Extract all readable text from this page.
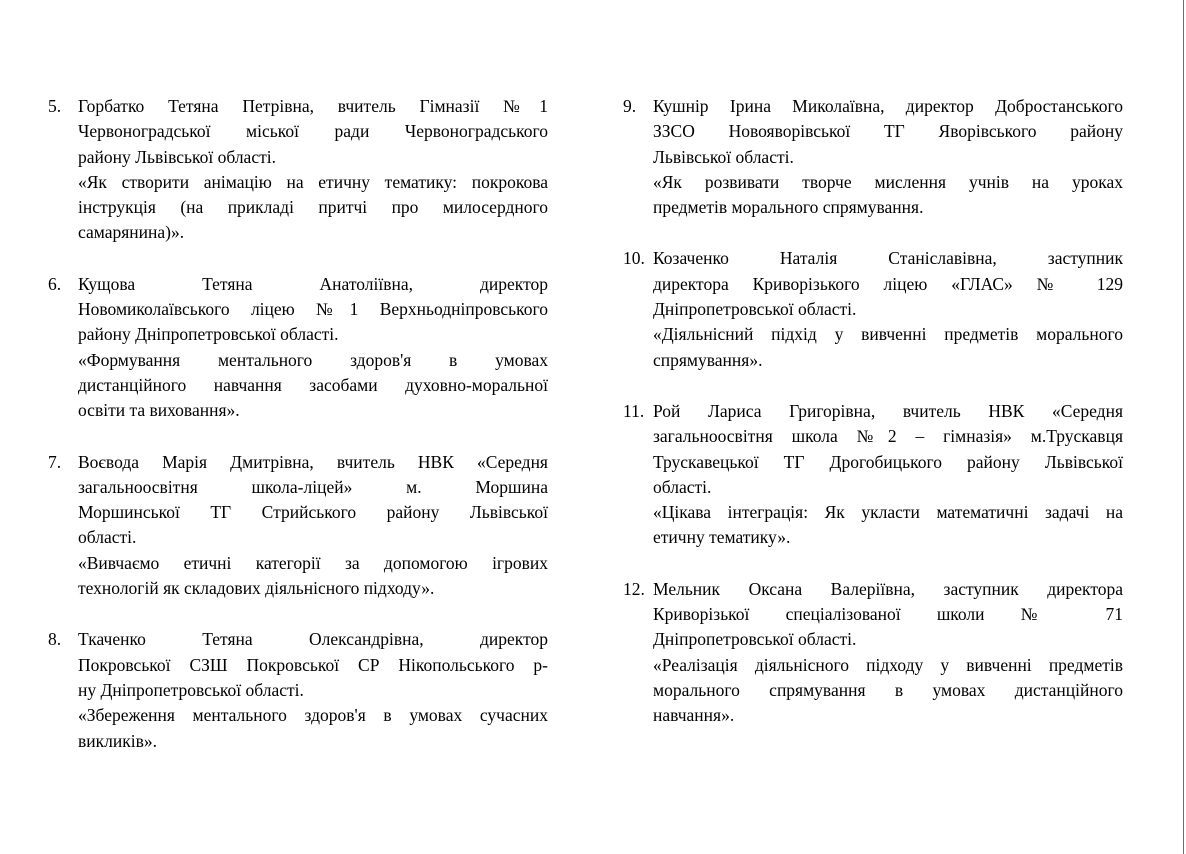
5. Горбатко Тетяна Петрівна, вчитель Гімназії №1
Червоноградської міської ради Червоноградського
району Львівської області.
«Як створити анімацію на етичну тематику: покрокова
інструкція (на прикладі притчі про милосердного
самарянина)».
6. Кущова Тетяна Анатоліївна, директор
Новомиколаївського ліцею №1 Верхньодніпровського
району Дніпропетровської області.
«Формування ментального здоров'я в умовах
дистанційного навчання засобами духовно-моральної
освіти та виховання».
7. Воєвода Марія Дмитрівна, вчитель НВК «Середня
загальноосвітня школа-ліцей» м. Моршина
Моршинської ТГ Стрийського району Львівської
області.
«Вивчаємо етичні категорії за допомогою ігрових
технологій як складових діяльнісного підходу».
8. Ткаченко Тетяна Олександрівна, директор
Покровської СЗШ Покровської СР Нікопольського р-
ну Дніпропетровської області.
«Збереження ментального здоров'я в умовах сучасних
викликів».
9. Кушнір Ірина Миколаївна, директор Добростанського
ЗЗСО Новояворівської ТГ Яворівського району
Львівської області.
«Як розвивати творче мислення учнів на уроках
предметів морального спрямування.
10. Козаченко Наталія Станіславівна, заступник
директора Криворізького ліцею «ГЛАС» № 129
Дніпропетровської області.
«Діяльнісний підхід у вивченні предметів морального
спрямування».
11. Рой Лариса Григорівна, вчитель НВК «Середня
загальноосвітня школа №2 – гімназія» м.Трускавця
Трускавецької ТГ Дрогобицького району Львівської
області.
«Цікава інтеграція: Як укласти математичні задачі на
етичну тематику».
12. Мельник Оксана Валеріївна, заступник директора
Криворізької спеціалізованої школи № 71
Дніпропетровської області.
«Реалізація діяльнісного підходу у вивченні предметів
морального спрямування в умовах дистанційного
навчання».
